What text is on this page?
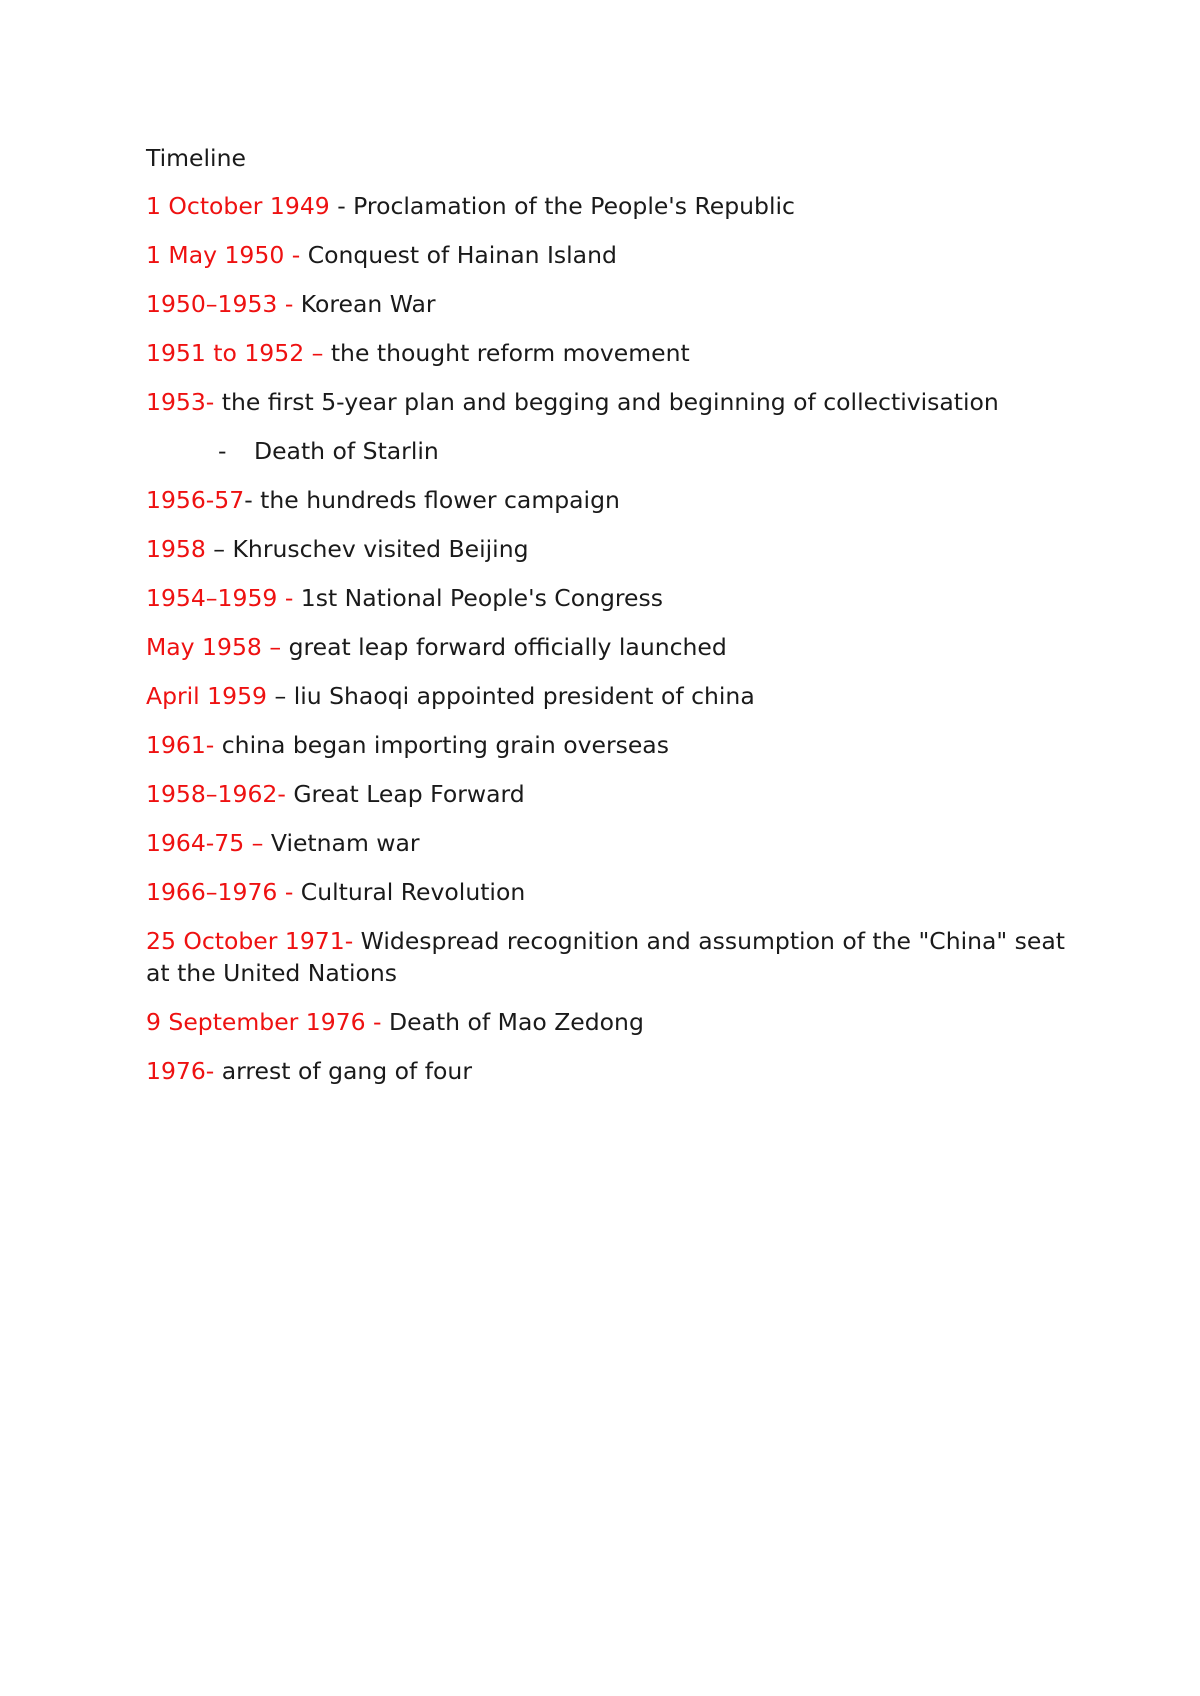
Timeline
1 October 1949 - Proclamation of the People's Republic
1 May 1950 - Conquest of Hainan Island
1950–1953 - Korean War
1951 to 1952 – the thought reform movement
1953- the first 5-year plan and begging and beginning of collectivisation
- Death of Starlin
1956-57- the hundreds flower campaign
1958 – Khruschev visited Beijing
1954–1959 - 1st National People's Congress
May 1958 – great leap forward officially launched
April 1959 – liu Shaoqi appointed president of china
1961- china began importing grain overseas
1958–1962- Great Leap Forward
1964-75 – Vietnam war
1966–1976 - Cultural Revolution
25 October 1971- Widespread recognition and assumption of the "China" seat at the United Nations
9 September 1976 - Death of Mao Zedong
1976- arrest of gang of four
